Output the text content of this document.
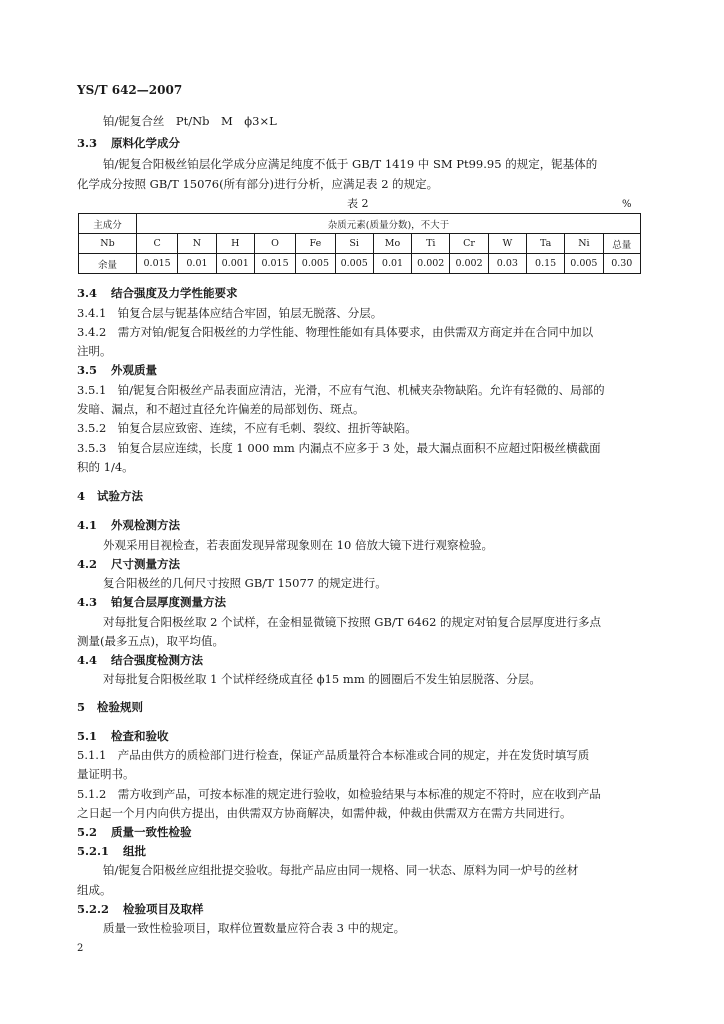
YS/T 642—2007
铂/铌复合丝　Pt/Nb　M　ϕ3×L
3.3 原料化学成分
铂/铌复合阳极丝铂层化学成分应满足纯度不低于 GB/T 1419 中 SM Pt99.95 的规定，铌基体的
化学成分按照 GB/T 15076(所有部分)进行分析，应满足表 2 的规定。
表 2	%
主成分	杂质元素(质量分数)，不大于												
Nb	C	N	H	O	Fe	Si	Mo	Ti	Cr	W	Ta	Ni	总量
余量	0.015	0.01	0.001	0.015	0.005	0.005	0.01	0.002	0.002	0.03	0.15	0.005	0.30
3.4 结合强度及力学性能要求
3.4.1　铂复合层与铌基体应结合牢固，铂层无脱落、分层。
3.4.2　需方对铂/铌复合阳极丝的力学性能、物理性能如有具体要求，由供需双方商定并在合同中加以
注明。
3.5 外观质量
3.5.1　铂/铌复合阳极丝产品表面应清洁，光滑，不应有气泡、机械夹杂物缺陷。允许有轻微的、局部的
发暗、漏点，和不超过直径允许偏差的局部划伤、斑点。
3.5.2　铂复合层应致密、连续，不应有毛刺、裂纹、扭折等缺陷。
3.5.3　铂复合层应连续，长度 1 000 mm 内漏点不应多于 3 处，最大漏点面积不应超过阳极丝横截面
积的 1/4。
4 试验方法
4.1 外观检测方法
外观采用目视检查，若表面发现异常现象则在 10 倍放大镜下进行观察检验。
4.2 尺寸测量方法
复合阳极丝的几何尺寸按照 GB/T 15077 的规定进行。
4.3 铂复合层厚度测量方法
对每批复合阳极丝取 2 个试样，在金相显微镜下按照 GB/T 6462 的规定对铂复合层厚度进行多点
测量(最多五点)，取平均值。
4.4 结合强度检测方法
对每批复合阳极丝取 1 个试样经绕成直径 ϕ15 mm 的圆圈后不发生铂层脱落、分层。
5 检验规则
5.1 检查和验收
5.1.1　产品由供方的质检部门进行检查，保证产品质量符合本标准或合同的规定，并在发货时填写质
量证明书。
5.1.2　需方收到产品，可按本标准的规定进行验收，如检验结果与本标准的规定不符时，应在收到产品
之日起一个月内向供方提出，由供需双方协商解决，如需仲裁，仲裁由供需双方在需方共同进行。
5.2 质量一致性检验
5.2.1 组批
铂/铌复合阳极丝应组批提交验收。每批产品应由同一规格、同一状态、原料为同一炉号的丝材
组成。
5.2.2 检验项目及取样
质量一致性检验项目，取样位置数量应符合表 3 中的规定。
2
